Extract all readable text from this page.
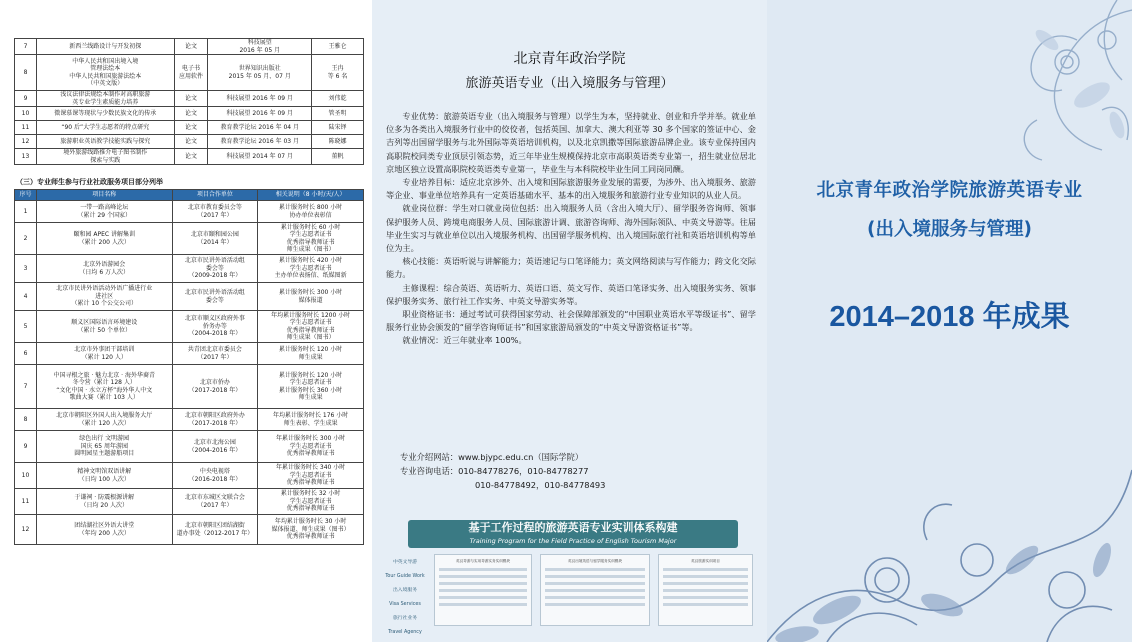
7	新西兰线路设计与开发初探	论文	科技展望
2016 年 05 月	王雅仑

8	中华人民共和国出境入境
管理法绘本
中华人民共和国旅游法绘本
（中英文版）	电子书
应用软件	世界知识出版社
2015 年 05 月、07 月	王冉
等 6 名

9	浅议法律法规绘本制作对高职旅游
英专业学生素质能力培养	论文	科技展望 2016 年 09 月	刘伟乾

10	微课慕课等现状与少数民族文化的传承	论文	科技展望 2016 年 09 月	管圣明

11	“90 后”大学生志愿者的特点研究	论文	教育教学论坛 2016 年 04 月	陆宋铎

12	旅游职业英语教学技能实践与探究	论文	教育教学论坛 2016 年 03 月	陈晓娜

13	境外旅游线路推介电子图书制作
探索与实践	论文	科技展望 2014 年 07 月	董帆
（三）专业师生参与行业社政服务项目部分列举
序号	项目名称	项目合作单位	相关说明（8 小时/天/人）
1	一带一路高峰论坛
（累计 29 个国家）	北京市教育委员会等
（2017 年）	累计服务时长 800 小时
协办单位表彰信

2	颐和园 APEC 讲解集训
（累计 200 人次）	北京市颐和园公园
（2014 年）	累计服务时长 60 小时
学生志愿者证书
优秀指导教师证书
师生成果（图书）

3	北京外语游园会
（日均 6 万人次）	北京市民讲外语活动组
委会等
（2009-2018 年）	累计服务时长 420 小时
学生志愿者证书
主办单位表扬信、纸媒图新

4	北京市民讲外语活动外语广播进行业
进社区
（累计 10 个公交公司）	北京市民讲外语活动组
委会等	累计服务时长 300 小时
媒体报道

5	顺义区国际语言环境建设
（累计 50 个单位）	北京市顺义区政府外事
侨务办等
（2004-2018 年）	年均累计服务时长 1200 小时
学生志愿者证书
优秀指导教师证书
师生成果（图书）

6	北京市外事团干部培训
（累计 120 人）	共青团北京市委员会
（2017 年）	累计服务时长 120 小时
师生成果

7	中国寻根之旅 · 魅力北京 · 海外华裔青
冬令营（累计 128 人）
“文化中国 · 水立方杯”海外华人中文
歌曲大赛（累计 103 人）	北京市侨办
（2017-2018 年）	累计服务时长 120 小时
学生志愿者证书
累计服务时长 360 小时
师生成果

8	北京市朝阳区外国人出入境服务大厅
（累计 120 人次）	北京市朝阳区政府外办
（2017-2018 年）	年均累计服务时长 176 小时
师生表彰、学生成果

9	绿色出行 文明游园
国庆 65 周年游园
圆明园星主题游船项目	北京市北海公园
（2004-2016 年）	年累计服务时长 300 小时
学生志愿者证书
优秀指导教师证书

10	精神文明馆双语讲解
（日均 100 人次）	中央电视塔
（2016-2018 年）	年累计服务时长 340 小时
学生志愿者证书
优秀指导教师证书

11	于谦祠 · 防震根源讲解
（日均 20 人次）	北京市东城区文联合会
（2017 年）	累计服务时长 32 小时
学生志愿者证书
优秀指导教师证书

12	团结湖社区外语大讲堂
（年均 200 人次）	北京市朝阳区团结湖街
道办事处（2012-2017 年）	年均累计服务时长 30 小时
媒体报道、师生成果（图书）
优秀指导教师证书
北京青年政治学院
旅游英语专业（出入境服务与管理）

专业优势：旅游英语专业（出入境服务与管理）以学生为本，坚持就业、创业和升学并举。就业单位多为各类出入境服务行业中的佼佼者，包括英国、加拿大、澳大利亚等 30 多个国家的签证中心、金吉列等出国留学服务与北外国际等英语培训机构，以及北京凯撒等国际旅游品牌企业。该专业保持国内高职院校同类专业顶层引领态势，近三年毕业生规模保持北京市高职英语类专业第一，招生就业位居北京地区独立设置高职院校英语类专业第一，毕业生与本科院校毕业生同工同岗同酬。

专业培养目标：适应北京涉外、出入境和国际旅游服务业发展的需要，为涉外、出入境服务、旅游等企业、事业单位培养具有一定英语基础水平、基本的出入境服务和旅游行业专业知识的从业人员。

就业岗位群：学生对口就业岗位包括：出入境服务人员（含出入境大厅）、留学服务咨询师、领事保护服务人员、跨境电商服务人员、国际旅游计调、旅游咨询师、海外国际领队、中英文导游等。往届毕业生实习与就业单位以出入境服务机构、出国留学服务机构、出入境国际旅行社和英语培训机构等单位为主。

核心技能：英语听说与讲解能力；英语速记与口笔译能力；英文网络阅读与写作能力；跨文化交际能力。

主修课程：综合英语、英语听力、英语口语、英文写作、英语口笔译实务、出入境服务实务、领事保护服务实务、旅行社工作实务、中英文导游实务等。

职业资格证书：通过考试可获得国家劳动、社会保障部颁发的“中国职业英语水平等级证书”、留学服务行业协会颁发的“留学咨询师证书”和国家旅游局颁发的“中英文导游资格证书”等。

就业情况：近三年就业率 100%。

专业介绍网站：www.bjypc.edu.cn（国际学院）
专业咨询电话：010-84778276，010-84778277
010-84778492，010-84778493
基于工作过程的旅游英语专业实训体系构建
Training Program for the Field Practice of English Tourism Major
中英文导游
Tour Guide Work
出入境服务
Visa Services
旅行社业务
Travel Agency
英汉导游与实用导游实务实训模块	英汉出境英语与留学服务实训模块	英汉旅游实训项目
北京青年政治学院旅游英语专业
(出入境服务与管理)
2014–2018 年成果
